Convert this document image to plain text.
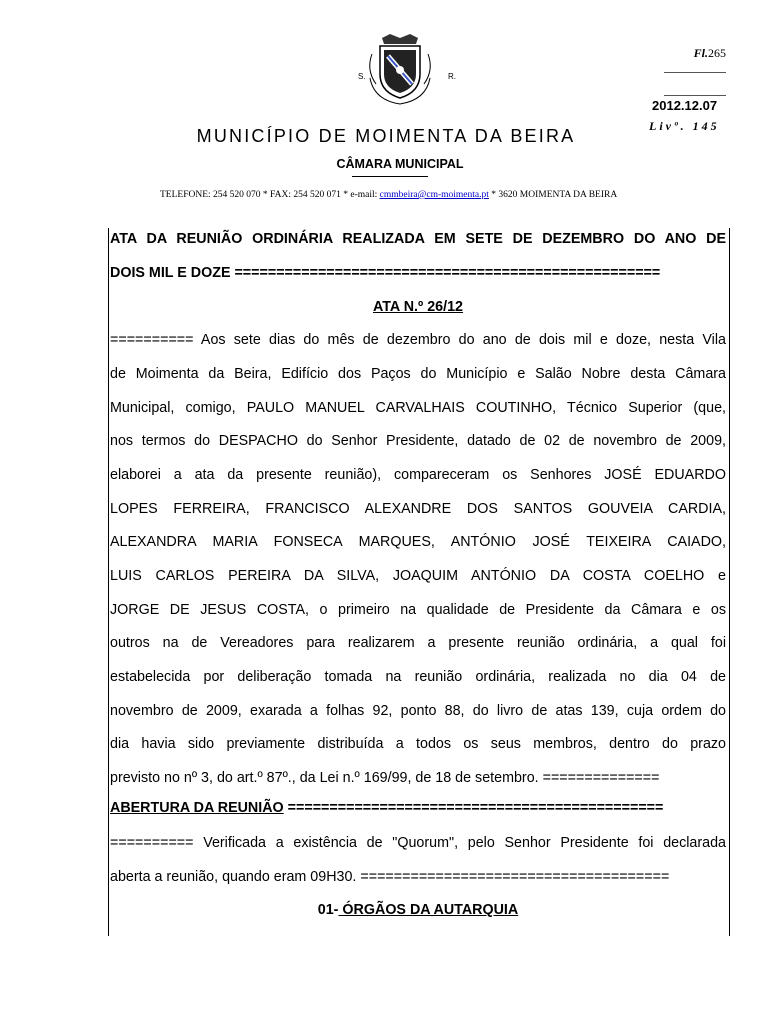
S.	R.
Fl.265
2012.12.07
Livº. 145
MUNICÍPIO DE MOIMENTA DA BEIRA
CÂMARA MUNICIPAL
TELEFONE: 254 520 070 * FAX: 254 520 071 * e-mail: cmmbeira@cm-moimenta.pt * 3620 MOIMENTA DA BEIRA
ATA DA REUNIÃO ORDINÁRIA REALIZADA EM SETE DE DEZEMBRO DO ANO DE
DOIS MIL E DOZE ===================================================
ATA N.º 26/12
========== Aos sete dias do mês de dezembro do ano de dois mil e doze, nesta Vila
de Moimenta da Beira, Edifício dos Paços do Município e Salão Nobre desta Câmara
Municipal, comigo, PAULO MANUEL CARVALHAIS COUTINHO, Técnico Superior (que,
nos termos do DESPACHO do Senhor Presidente, datado de 02 de novembro de 2009,
elaborei a ata da presente reunião), compareceram os Senhores JOSÉ EDUARDO
LOPES FERREIRA, FRANCISCO ALEXANDRE DOS SANTOS GOUVEIA CARDIA,
ALEXANDRA MARIA FONSECA MARQUES, ANTÓNIO JOSÉ TEIXEIRA CAIADO,
LUIS CARLOS PEREIRA DA SILVA, JOAQUIM ANTÓNIO DA COSTA COELHO e
JORGE DE JESUS COSTA, o primeiro na qualidade de Presidente da Câmara e os
outros na de Vereadores para realizarem a presente reunião ordinária, a qual foi
estabelecida por deliberação tomada na reunião ordinária, realizada no dia 04 de
novembro de 2009, exarada a folhas 92, ponto 88, do livro de atas 139, cuja ordem do
dia havia sido previamente distribuída a todos os seus membros, dentro do prazo
previsto no nº 3, do art.º 87º., da Lei n.º 169/99, de 18 de setembro. ==============
ABERTURA DA REUNIÃO =============================================
========== Verificada a existência de "Quorum", pelo Senhor Presidente foi declarada
aberta a reunião, quando eram 09H30. =====================================
01- ÓRGÃOS DA AUTARQUIA
